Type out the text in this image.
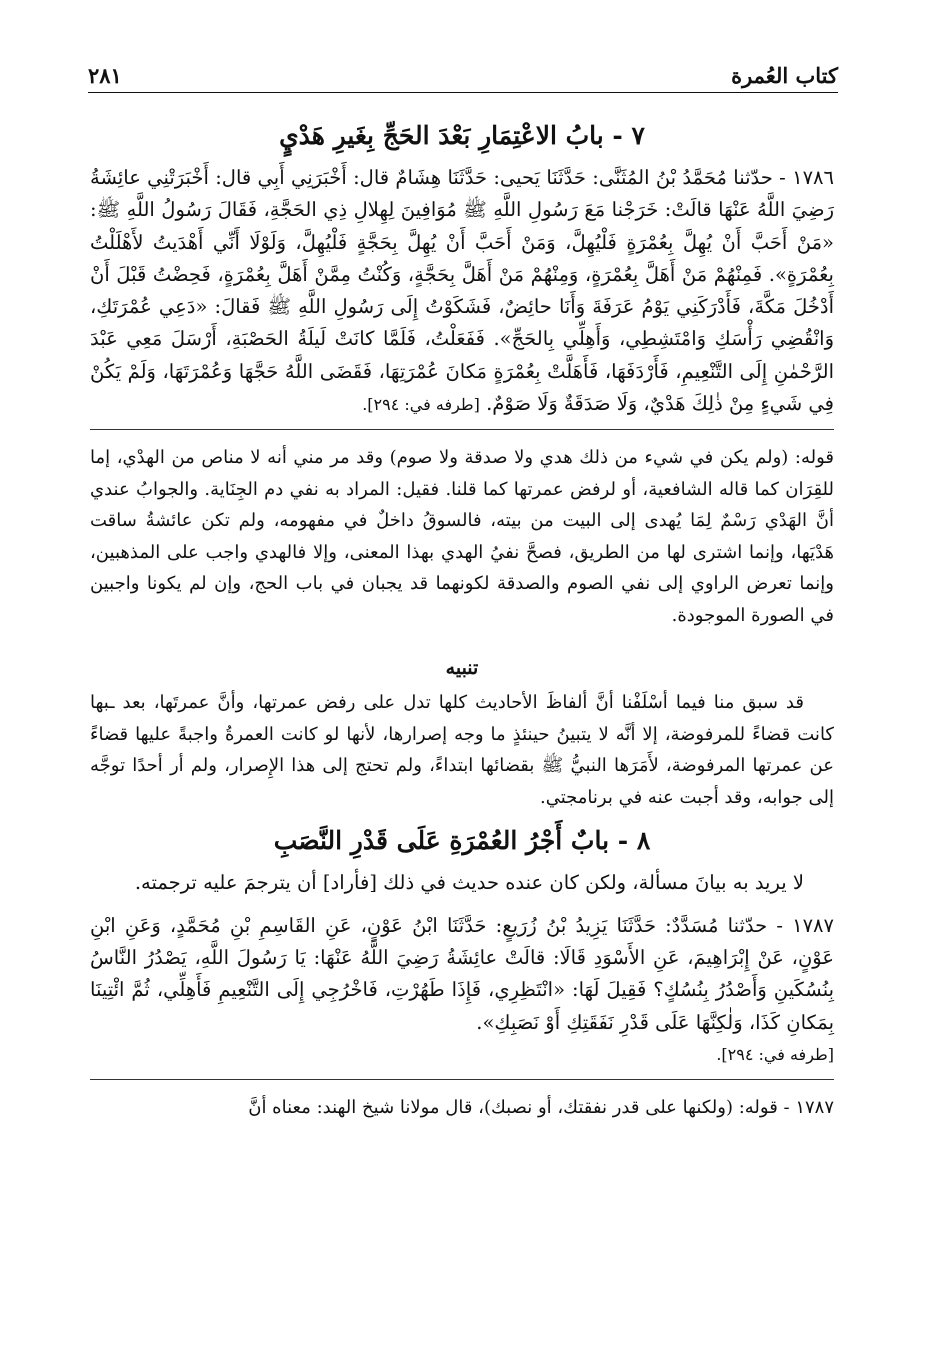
كتاب العُمرة
٢٨١
٧ - بابُ الاعْتِمَارِ بَعْدَ الحَجِّ بِغَيرِ هَدْيٍ

١٧٨٦ - حدّثنا مُحَمَّدُ بْنُ المُثَنَّى: حَدَّثَنَا يَحيى: حَدَّثَنَا هِشَامٌ قال: أَخْبَرَنِي أَبِي قال: أَخْبَرَتْنِي عائِشَةُ رَضِيَ اللَّهُ عَنْهَا قالَتْ: خَرَجْنا مَعَ رَسُولِ اللَّهِ ﷺ مُوَافِينَ لِهِلالِ ذِي الحَجَّةِ، فَقَالَ رَسُولُ اللَّهِ ﷺ: «مَنْ أَحَبَّ أَنْ يُهِلَّ بِعُمْرَةٍ فَلْيُهِلَّ، وَمَنْ أَحَبَّ أَنْ يُهِلَّ بِحَجَّةٍ فَلْيُهِلَّ، وَلَوْلَا أَنِّي أَهْدَيتُ لأَهْلَلْتُ بِعُمْرَةٍ». فَمِنْهُمْ مَنْ أَهَلَّ بِعُمْرَةٍ، وَمِنْهُمْ مَنْ أَهَلَّ بِحَجَّةٍ، وَكُنْتُ مِمَّنْ أَهَلَّ بِعُمْرَةٍ، فَحِضْتُ قَبْلَ أَنْ أَدْخُلَ مَكَّةَ، فَأَدْرَكَنِي يَوْمُ عَرَفَةَ وَأَنَا حائِضٌ، فَشَكَوْتُ إِلَى رَسُولِ اللَّهِ ﷺ فَقالَ: «دَعِي عُمْرَتَكِ، وَانْقُضِي رَأْسَكِ وَامْتَشِطِي، وَأَهِلِّي بِالحَجِّ». فَفَعَلْتُ، فَلَمَّا كانَتْ لَيلَةُ الحَصْبَةِ، أَرْسَلَ مَعِي عَبْدَ الرَّحْمٰنِ إِلَى التَّنْعِيمِ، فَأَرْدَفَهَا، فَأَهَلَّتْ بِعُمْرَةٍ مَكانَ عُمْرَتِهَا، فَقَضَى اللَّهُ حَجَّهَا وَعُمْرَتَهَا، وَلَمْ يَكُنْ فِي شَيءٍ مِنْ ذٰلِكَ هَدْيٌ، وَلَا صَدَقَةٌ وَلَا صَوْمٌ. [طرفه في: ٢٩٤].

قوله: (ولم يكن في شيء من ذلك هدي ولا صدقة ولا صوم) وقد مر مني أنه لا مناص من الهدْي، إما للقِرَان كما قاله الشافعية، أو لرفض عمرتها كما قلنا. فقيل: المراد به نفي دم الجِنَاية. والجوابُ عندي أنَّ الهَدْي رَسْمٌ لِمَا يُهدى إلى البيت من بيته، فالسوقُ داخلٌ في مفهومه، ولم تكن عائشةُ ساقت هَدْيَها، وإنما اشترى لها من الطريق، فصحَّ نفيُ الهدي بهذا المعنى، وإلا فالهدي واجب على المذهبين، وإنما تعرض الراوي إلى نفي الصوم والصدقة لكونهما قد يجبان في باب الحج، وإن لم يكونا واجبين في الصورة الموجودة.

تنبيه

قد سبق منا فيما أسْلَفْنا أنَّ ألفاظَ الأحاديث كلها تدل على رفض عمرتها، وأنَّ عمرتَها، بعد ـبها كانت قضاءً للمرفوضة، إلا أنَّه لا يتبينُ حينئذٍ ما وجه إصرارها، لأنها لو كانت العمرةُ واجبةً عليها قضاءً عن عمرتها المرفوضة، لأَمَرَها النبيُّ ﷺ بقضائها ابتداءً، ولم تحتج إلى هذا الإِصرار، ولم أر أحدًا توجَّه إلى جوابه، وقد أجبت عنه في برنامجتي.

٨ - بابٌ أَجْرُ العُمْرَةِ عَلَى قَدْرِ النَّصَبِ

لا يريد به بيانَ مسألة، ولكن كان عنده حديث في ذلك [فأراد] أن يترجمَ عليه ترجمته.

١٧٨٧ - حدّثنا مُسَدَّدٌ: حَدَّثَنَا يَزِيدُ بْنُ زُرَيعٍ: حَدَّثَنَا ابْنُ عَوْنٍ، عَنِ القَاسِمِ بْنِ مُحَمَّدٍ، وَعَنِ ابْنِ عَوْنٍ، عَنْ إِبْرَاهِيمَ، عَنِ الأَسْوَدِ قَالَا: قالَتْ عائِشَةُ رَضِيَ اللَّهُ عَنْهَا: يَا رَسُولَ اللَّهِ، يَصْدُرُ النَّاسُ بِنُسُكَينِ وَأَصْدُرُ بِنُسُكٍ؟ فَقِيلَ لَهَا: «انْتَظِرِي، فَإِذَا طَهُرْتِ، فَاخْرُجِي إِلَى التَّنْعِيمِ فَأَهِلِّي، ثُمَّ ائْتِينَا بِمَكانِ كَذَا، وَلٰكِنَّهَا عَلَى قَدْرِ نَفَقَتِكِ أَوْ نَصَبِكِ».

[طرفه في: ٢٩٤].

١٧٨٧ - قوله: (ولكنها على قدر نفقتك، أو نصبك)، قال مولانا شيخ الهند: معناه أنَّ
